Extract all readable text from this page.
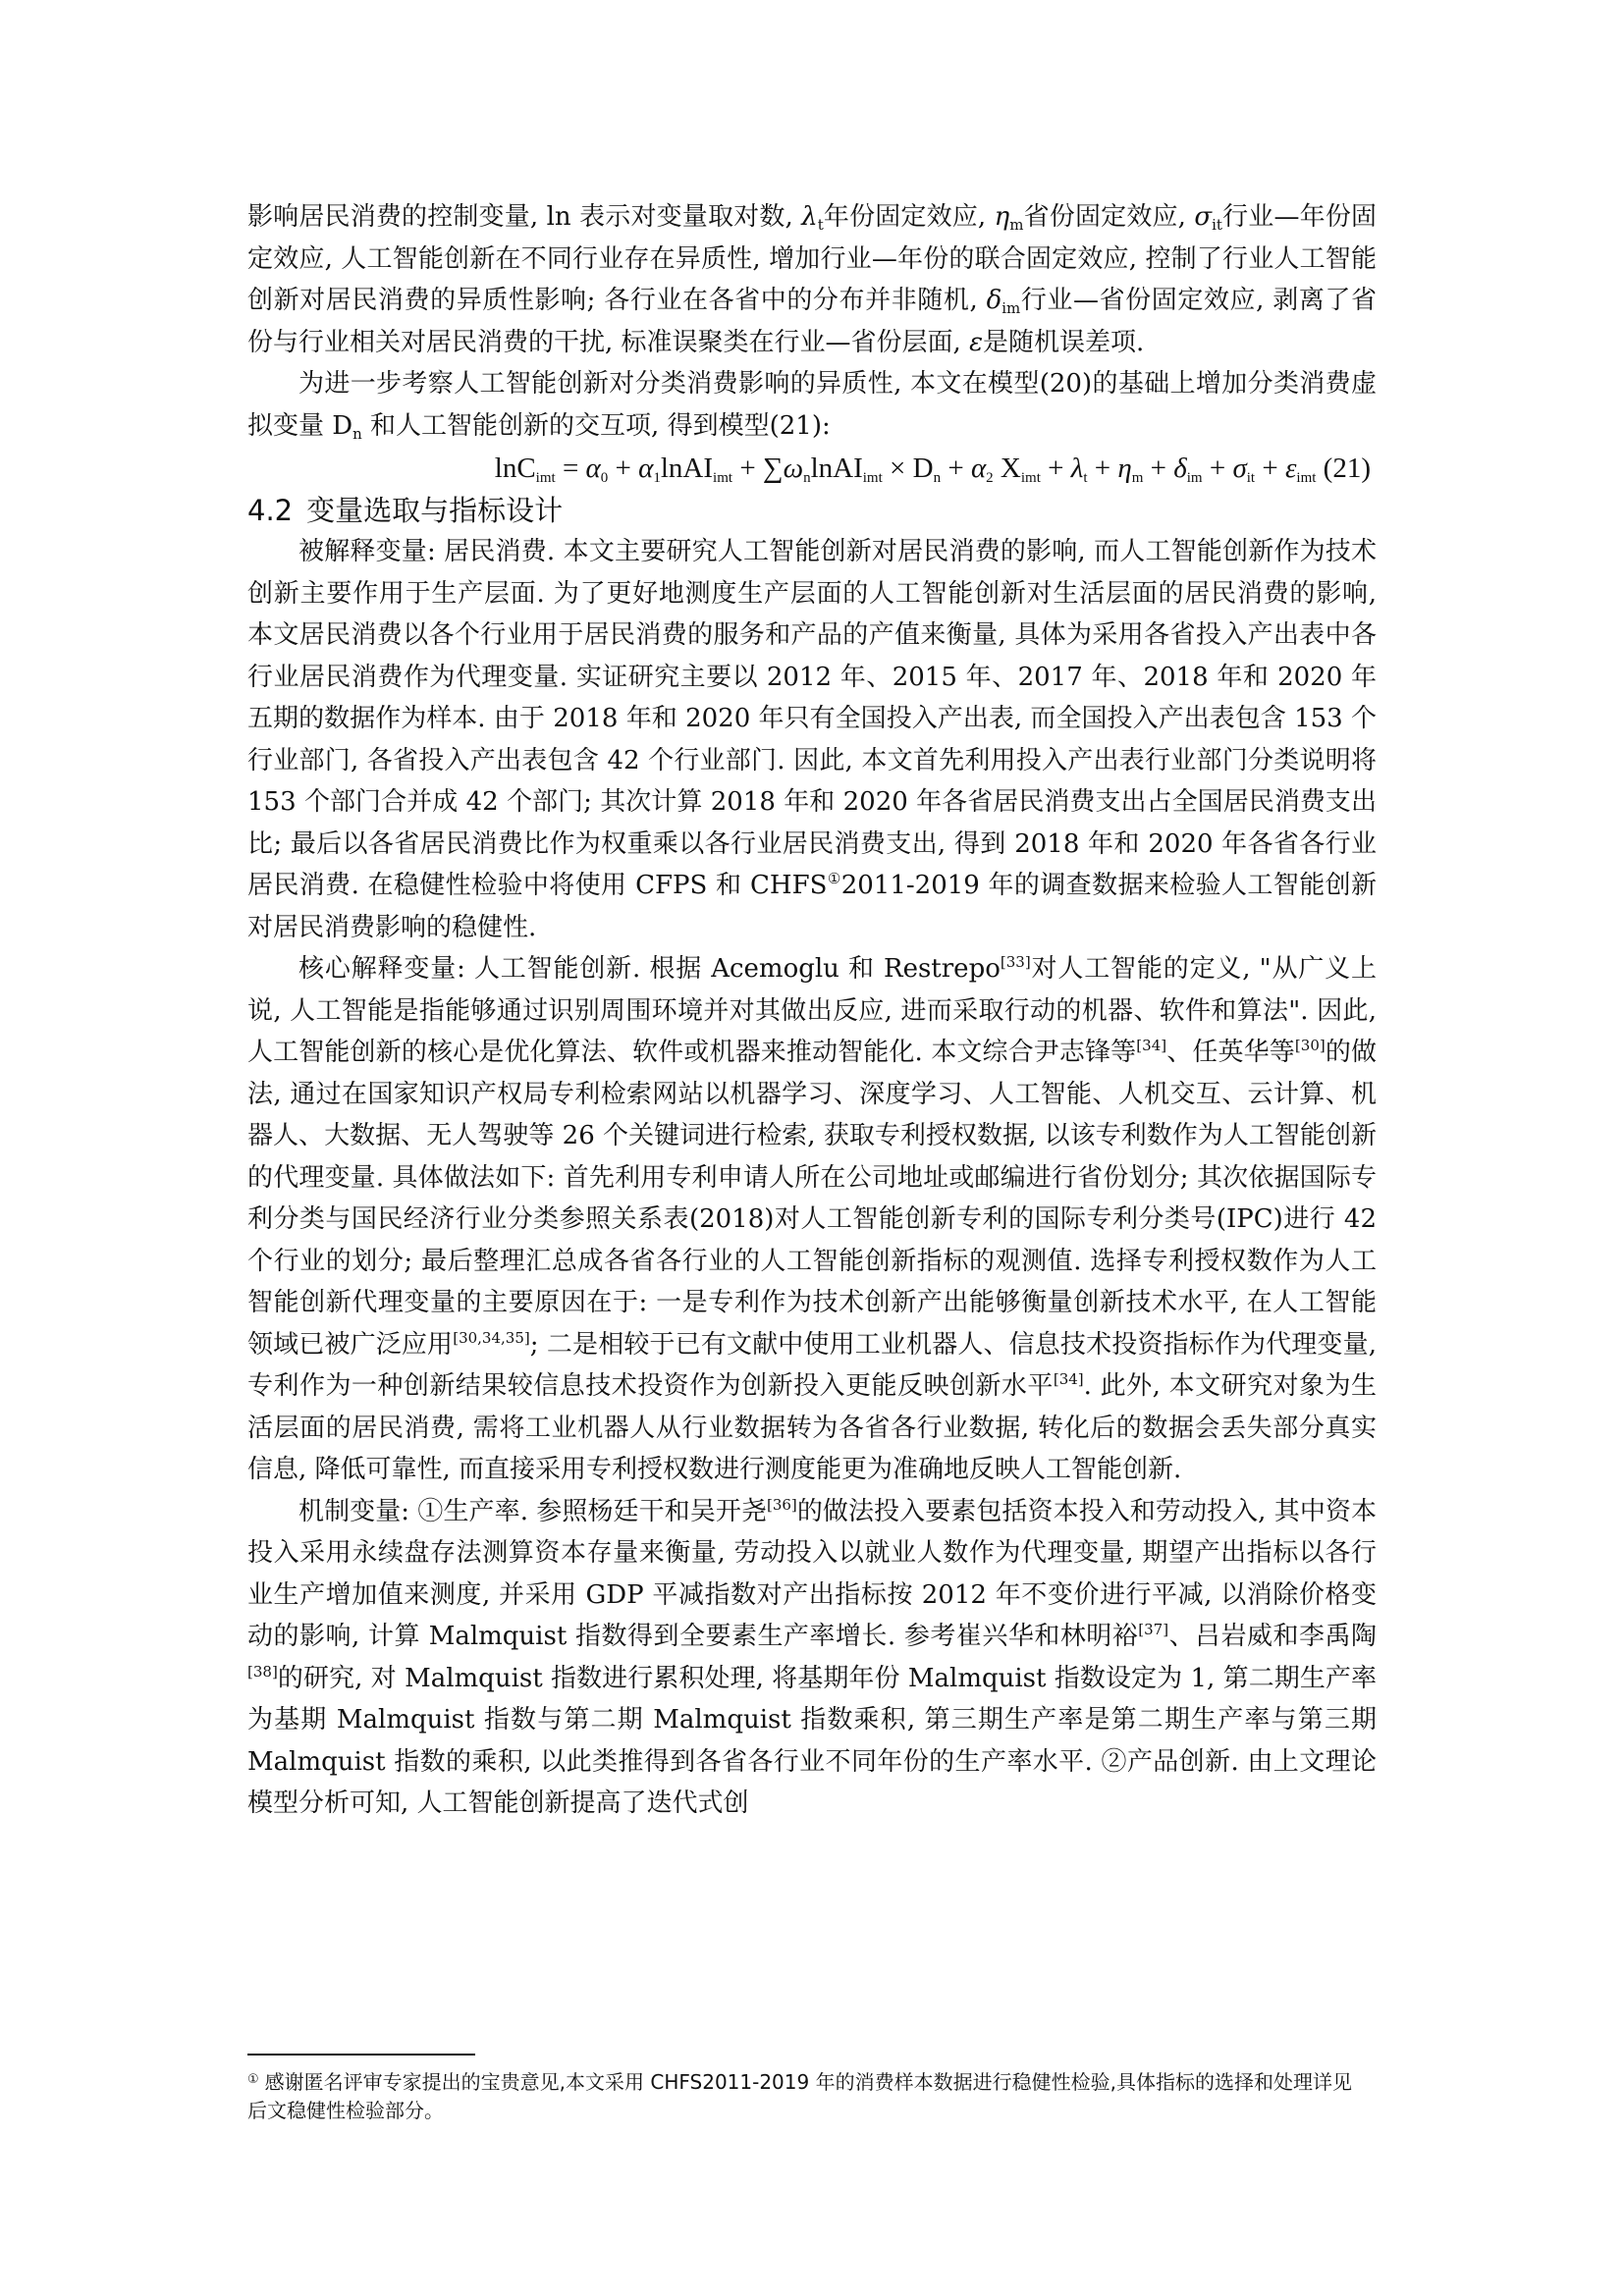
影响居民消费的控制变量, ln 表示对变量取对数, $\lambda_t$年份固定效应, $\eta_m$省份固定效应, $\sigma_{it}$行业—年份固定效应, 人工智能创新在不同行业存在异质性, 增加行业—年份的联合固定效应, 控制了行业人工智能创新对居民消费的异质性影响; 各行业在各省中的分布并非随机, $\delta_{im}$行业—省份固定效应, 剥离了省份与行业相关对居民消费的干扰, 标准误聚类在行业—省份层面, ε是随机误差项.

为进一步考察人工智能创新对分类消费影响的异质性, 本文在模型(20)的基础上增加分类消费虚拟变量 $D_n$ 和人工智能创新的交互项, 得到模型(21):

$\ln C_{imt} = \alpha_0$ + $\alpha_1lnAI_{imt}$ + $\sum\omega_nlnAI_{imt} \times D_n + \alpha_2$ $X_{imt} + \lambda_t + \eta_m + \delta_{im} + \sigma_{it} + \varepsilon_{imt}$ (21)

4.2 变量选取与指标设计

被解释变量: 居民消费. 本文主要研究人工智能创新对居民消费的影响, 而人工智能创新作为技术创新主要作用于生产层面. 为了更好地测度生产层面的人工智能创新对生活层面的居民消费的影响, 本文居民消费以各个行业用于居民消费的服务和产品的产值来衡量, 具体为采用各省投入产出表中各行业居民消费作为代理变量. 实证研究主要以 2012 年、2015 年、2017 年、2018 年和 2020 年五期的数据作为样本. 由于 2018 年和 2020 年只有全国投入产出表, 而全国投入产出表包含 153 个行业部门, 各省投入产出表包含 42 个行业部门. 因此, 本文首先利用投入产出表行业部门分类说明将 153 个部门合并成 42 个部门; 其次计算 2018 年和 2020 年各省居民消费支出占全国居民消费支出比; 最后以各省居民消费比作为权重乘以各行业居民消费支出, 得到 2018 年和 2020 年各省各行业居民消费. 在稳健性检验中将使用 CFPS 和 CHFS①2011-2019 年的调查数据来检验人工智能创新对居民消费影响的稳健性.

核心解释变量: 人工智能创新. 根据 Acemoglu 和 Restrepo[33]对人工智能的定义, "从广义上说, 人工智能是指能够通过识别周围环境并对其做出反应, 进而采取行动的机器、软件和算法". 因此, 人工智能创新的核心是优化算法、软件或机器来推动智能化. 本文综合尹志锋等[34]、任英华等[30]的做法, 通过在国家知识产权局专利检索网站以机器学习、深度学习、人工智能、人机交互、云计算、机器人、大数据、无人驾驶等 26 个关键词进行检索, 获取专利授权数据, 以该专利数作为人工智能创新的代理变量. 具体做法如下: 首先利用专利申请人所在公司地址或邮编进行省份划分; 其次依据国际专利分类与国民经济行业分类参照关系表(2018)对人工智能创新专利的国际专利分类号(IPC)进行 42 个行业的划分; 最后整理汇总成各省各行业的人工智能创新指标的观测值. 选择专利授权数作为人工智能创新代理变量的主要原因在于: 一是专利作为技术创新产出能够衡量创新技术水平, 在人工智能领域已被广泛应用[30,34,35]; 二是相较于已有文献中使用工业机器人、信息技术投资指标作为代理变量, 专利作为一种创新结果较信息技术投资作为创新投入更能反映创新水平[34]. 此外, 本文研究对象为生活层面的居民消费, 需将工业机器人从行业数据转为各省各行业数据, 转化后的数据会丢失部分真实信息, 降低可靠性, 而直接采用专利授权数进行测度能更为准确地反映人工智能创新.

机制变量: ①生产率. 参照杨廷干和吴开尧[36]的做法投入要素包括资本投入和劳动投入, 其中资本投入采用永续盘存法测算资本存量来衡量, 劳动投入以就业人数作为代理变量, 期望产出指标以各行业生产增加值来测度, 并采用 GDP 平减指数对产出指标按 2012 年不变价进行平减, 以消除价格变动的影响, 计算 Malmquist 指数得到全要素生产率增长. 参考崔兴华和林明裕[37]、吕岩威和李禹陶[38]的研究, 对 Malmquist 指数进行累积处理, 将基期年份 Malmquist 指数设定为 1, 第二期生产率为基期 Malmquist 指数与第二期 Malmquist 指数乘积, 第三期生产率是第二期生产率与第三期 Malmquist 指数的乘积, 以此类推得到各省各行业不同年份的生产率水平. ②产品创新. 由上文理论模型分析可知, 人工智能创新提高了迭代式创

① 感谢匿名评审专家提出的宝贵意见,本文采用 CHFS2011-2019 年的消费样本数据进行稳健性检验,具体指标的选择和处理详见后文稳健性检验部分。
